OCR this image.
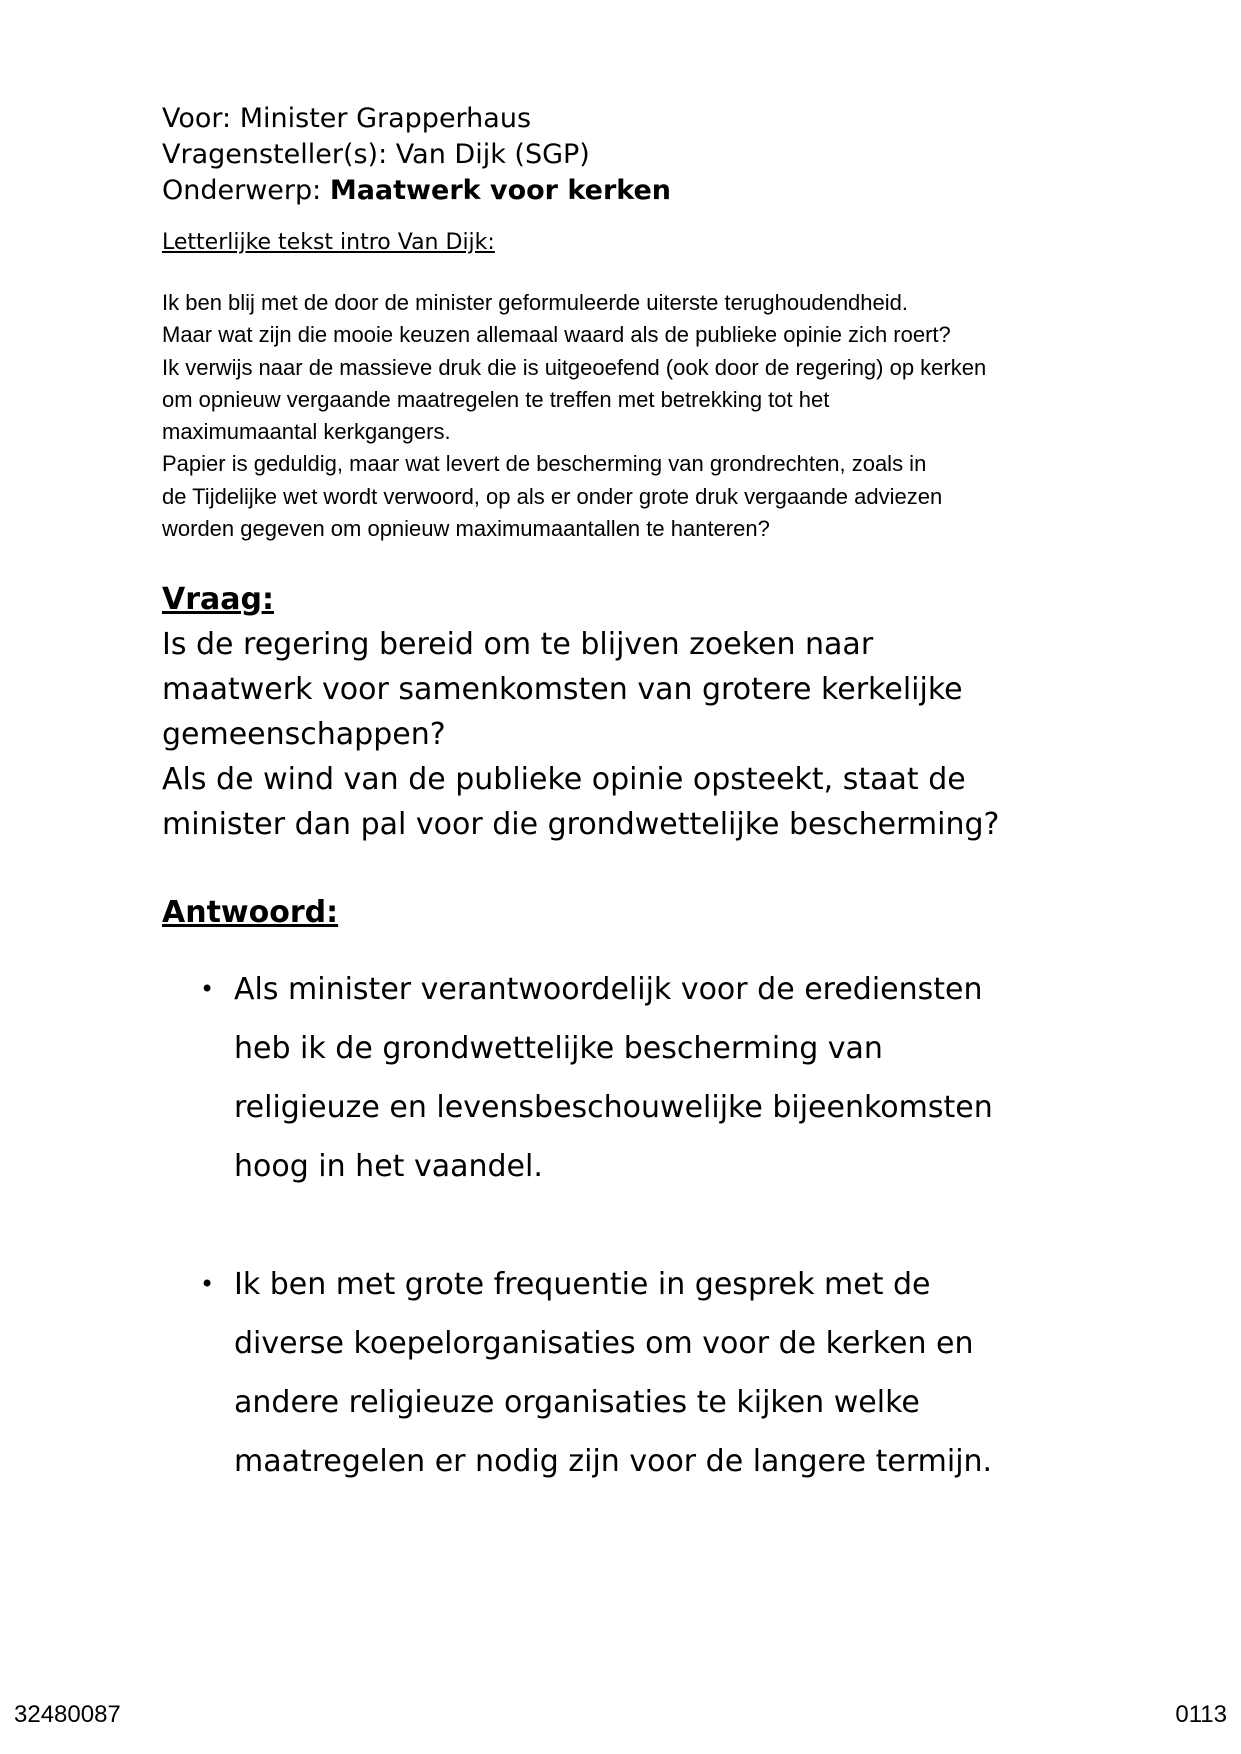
Voor: Minister Grapperhaus
Vragensteller(s): Van Dijk (SGP)
Onderwerp: Maatwerk voor kerken
Letterlijke tekst intro Van Dijk:
Ik ben blij met de door de minister geformuleerde uiterste terughoudendheid.
Maar wat zijn die mooie keuzen allemaal waard als de publieke opinie zich roert?
Ik verwijs naar de massieve druk die is uitgeoefend (ook door de regering) op kerken
om opnieuw vergaande maatregelen te treffen met betrekking tot het
maximumaantal kerkgangers.
Papier is geduldig, maar wat levert de bescherming van grondrechten, zoals in
de Tijdelijke wet wordt verwoord, op als er onder grote druk vergaande adviezen
worden gegeven om opnieuw maximumaantallen te hanteren?
Vraag:
Is de regering bereid om te blijven zoeken naar
maatwerk voor samenkomsten van grotere kerkelijke
gemeenschappen?
Als de wind van de publieke opinie opsteekt, staat de
minister dan pal voor die grondwettelijke bescherming?
Antwoord:
• Als minister verantwoordelijk voor de erediensten
heb ik de grondwettelijke bescherming van
religieuze en levensbeschouwelijke bijeenkomsten
hoog in het vaandel.
• Ik ben met grote frequentie in gesprek met de
diverse koepelorganisaties om voor de kerken en
andere religieuze organisaties te kijken welke
maatregelen er nodig zijn voor de langere termijn.
32480087	0113
